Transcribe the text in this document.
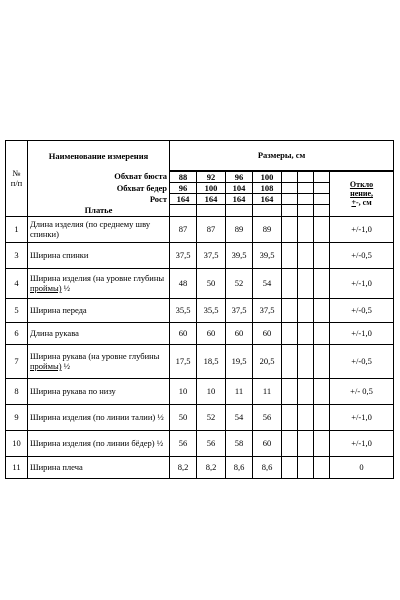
№
п/п	Наименование измерения	Размеры, см							
	Обхват бюста	88	92	96	100				Откло
нение,
+-, см

	Обхват бедер	96	100	104	108				
	Рост	164	164	164	164				
	Платье								
1	Длина изделия (по среднему шву спинки)	87	87	89	89				+/-1,0
3	Ширина спинки	37,5	37,5	39,5	39,5				+/-0,5
4	Ширина изделия (на уровне глубины проймы) ½	48	50	52	54				+/-1,0
5	Ширина переда	35,5	35,5	37,5	37,5				+/-0,5
6	Длина рукава	60	60	60	60				+/-1,0
7	Ширина рукава (на уровне глубины проймы) ½	17,5	18,5	19,5	20,5				+/-0,5
8	Ширина рукава по низу	10	10	11	11				+/- 0,5
9	Ширина изделия (по линии талии) ½	50	52	54	56				+/-1,0
10	Ширина изделия (по линии бёдер) ½	56	56	58	60				+/-1,0
11	Ширина плеча	8,2	8,2	8,6	8,6				0
